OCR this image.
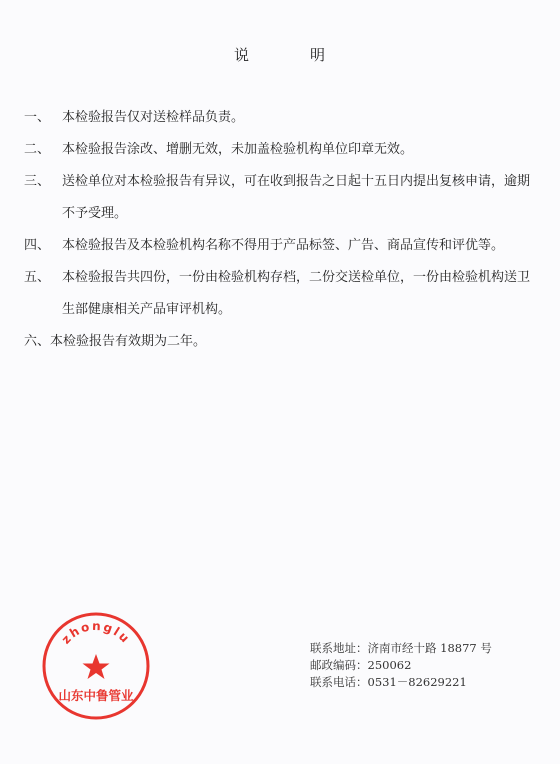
说	明
一、 本检验报告仅对送检样品负责。
二、 本检验报告涂改、增删无效，未加盖检验机构单位印章无效。
三、 送检单位对本检验报告有异议，可在收到报告之日起十五日内提出复核申请，逾期不予受理。
四、 本检验报告及本检验机构名称不得用于产品标签、广告、商品宣传和评优等。
五、 本检验报告共四份，一份由检验机构存档，二份交送检单位，一份由检验机构送卫生部健康相关产品审评机构。
六、本检验报告有效期为二年。
zhonglu
山东中鲁管业
联系地址： 济南市经十路 18877 号
邮政编码： 250062
联系电话： 0531－82629221
